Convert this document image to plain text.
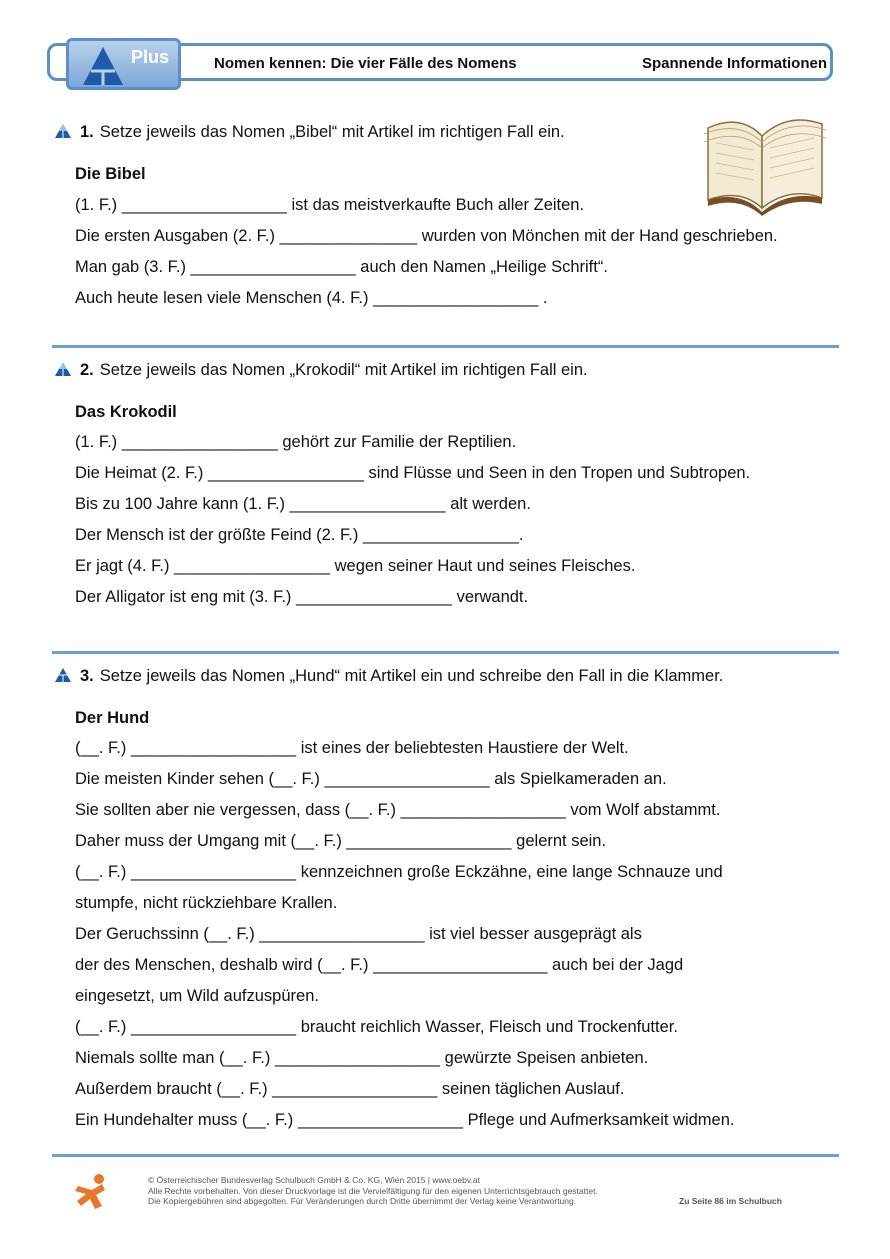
Plus	Nomen kennen: Die vier Fälle des Nomens	Spannende Informationen
1. Setze jeweils das Nomen „Bibel“ mit Artikel im richtigen Fall ein.
Die Bibel
(1. F.) __________________ ist das meistverkaufte Buch aller Zeiten.
Die ersten Ausgaben (2. F.) _______________ wurden von Mönchen mit der Hand geschrieben.
Man gab (3. F.) __________________ auch den Namen „Heilige Schrift“.
Auch heute lesen viele Menschen (4. F.) __________________ .
2. Setze jeweils das Nomen „Krokodil“ mit Artikel im richtigen Fall ein.
Das Krokodil
(1. F.) _________________ gehört zur Familie der Reptilien.
Die Heimat (2. F.) _________________ sind Flüsse und Seen in den Tropen und Subtropen.
Bis zu 100 Jahre kann (1. F.) _________________ alt werden.
Der Mensch ist der größte Feind (2. F.) _________________.
Er jagt (4. F.) _________________ wegen seiner Haut und seines Fleisches.
Der Alligator ist eng mit (3. F.) _________________ verwandt.
3. Setze jeweils das Nomen „Hund“ mit Artikel ein und schreibe den Fall in die Klammer.
Der Hund
(__. F.) __________________ ist eines der beliebtesten Haustiere der Welt.
Die meisten Kinder sehen (__. F.) __________________ als Spielkameraden an.
Sie sollten aber nie vergessen, dass (__. F.) __________________ vom Wolf abstammt.
Daher muss der Umgang mit (__. F.) __________________ gelernt sein.
(__. F.) __________________ kennzeichnen große Eckzähne, eine lange Schnauze und
stumpfe, nicht rückziehbare Krallen.
Der Geruchssinn (__. F.) __________________ ist viel besser ausgeprägt als
der des Menschen, deshalb wird (__. F.) ___________________ auch bei der Jagd
eingesetzt, um Wild aufzuspüren.
(__. F.) __________________ braucht reichlich Wasser, Fleisch und Trockenfutter.
Niemals sollte man (__. F.) __________________ gewürzte Speisen anbieten.
Außerdem braucht (__. F.) __________________ seinen täglichen Auslauf.
Ein Hundehalter muss (__. F.) __________________ Pflege und Aufmerksamkeit widmen.
© Österreichischer Bundesverlag Schulbuch GmbH & Co. KG, Wien 2015 | www.oebv.at
Alle Rechte vorbehalten. Von dieser Druckvorlage ist die Vervielfältigung für den eigenen Unterrichtsgebrauch gestattet.
Die Kopiergebühren sind abgegolten. Für Veränderungen durch Dritte übernimmt der Verlag keine Verantwortung.	Zu Seite 86 im Schulbuch
